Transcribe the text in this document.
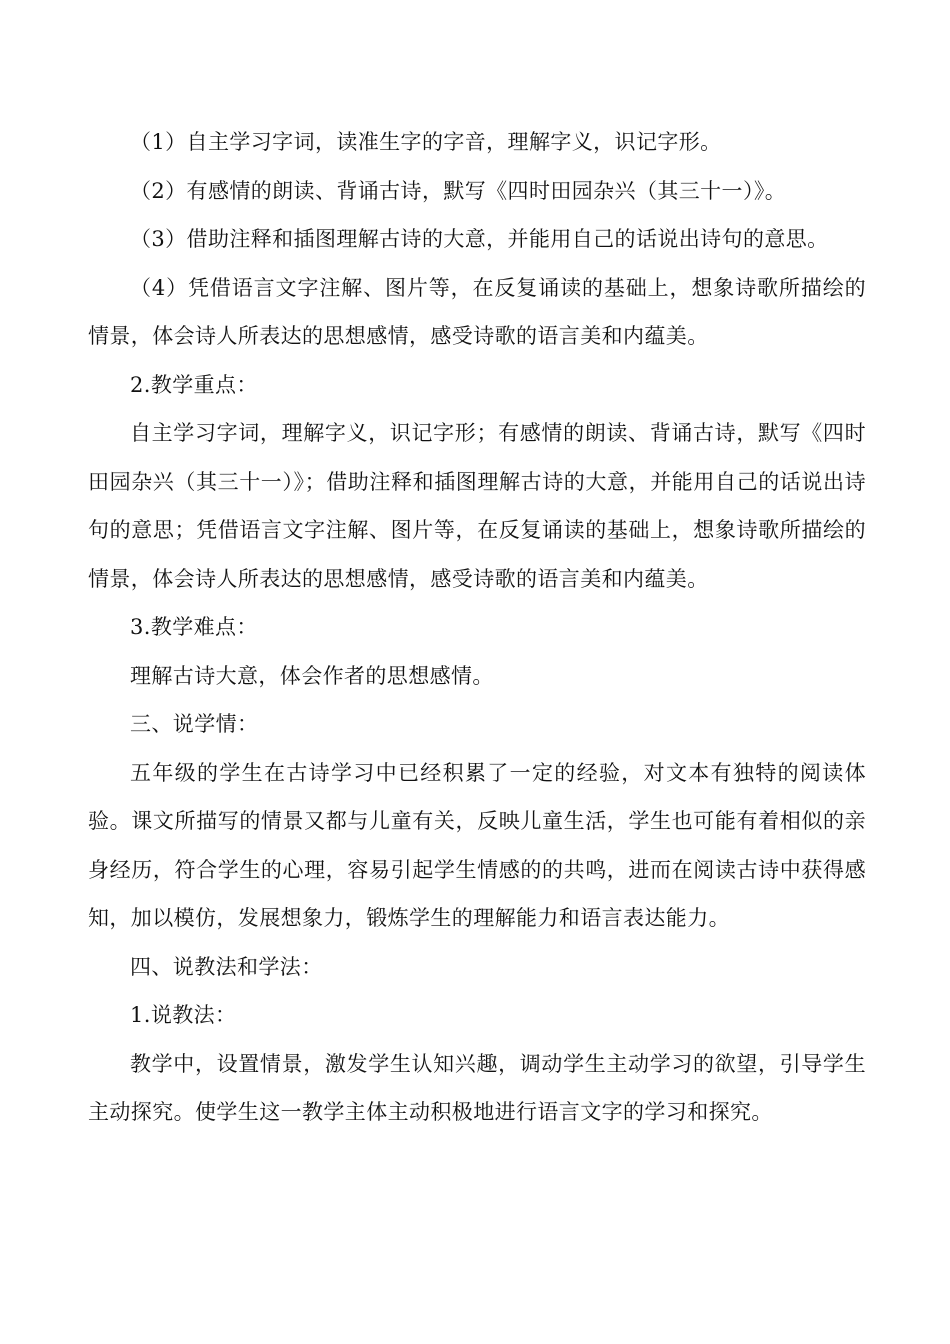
（1）自主学习字词，读准生字的字音，理解字义，识记字形。

（2）有感情的朗读、背诵古诗，默写《四时田园杂兴（其三十一）》。

（3）借助注释和插图理解古诗的大意，并能用自己的话说出诗句的意思。

（4）凭借语言文字注解、图片等，在反复诵读的基础上，想象诗歌所描绘的情景，体会诗人所表达的思想感情，感受诗歌的语言美和内蕴美。

2.教学重点：

自主学习字词，理解字义，识记字形；有感情的朗读、背诵古诗，默写《四时田园杂兴（其三十一）》；借助注释和插图理解古诗的大意，并能用自己的话说出诗句的意思；凭借语言文字注解、图片等，在反复诵读的基础上，想象诗歌所描绘的情景，体会诗人所表达的思想感情，感受诗歌的语言美和内蕴美。

3.教学难点：

理解古诗大意，体会作者的思想感情。

三、说学情：

五年级的学生在古诗学习中已经积累了一定的经验，对文本有独特的阅读体验。课文所描写的情景又都与儿童有关，反映儿童生活，学生也可能有着相似的亲身经历，符合学生的心理，容易引起学生情感的的共鸣，进而在阅读古诗中获得感知，加以模仿，发展想象力，锻炼学生的理解能力和语言表达能力。

四、说教法和学法：

1.说教法：

教学中，设置情景，激发学生认知兴趣，调动学生主动学习的欲望，引导学生主动探究。使学生这一教学主体主动积极地进行语言文字的学习和探究。
